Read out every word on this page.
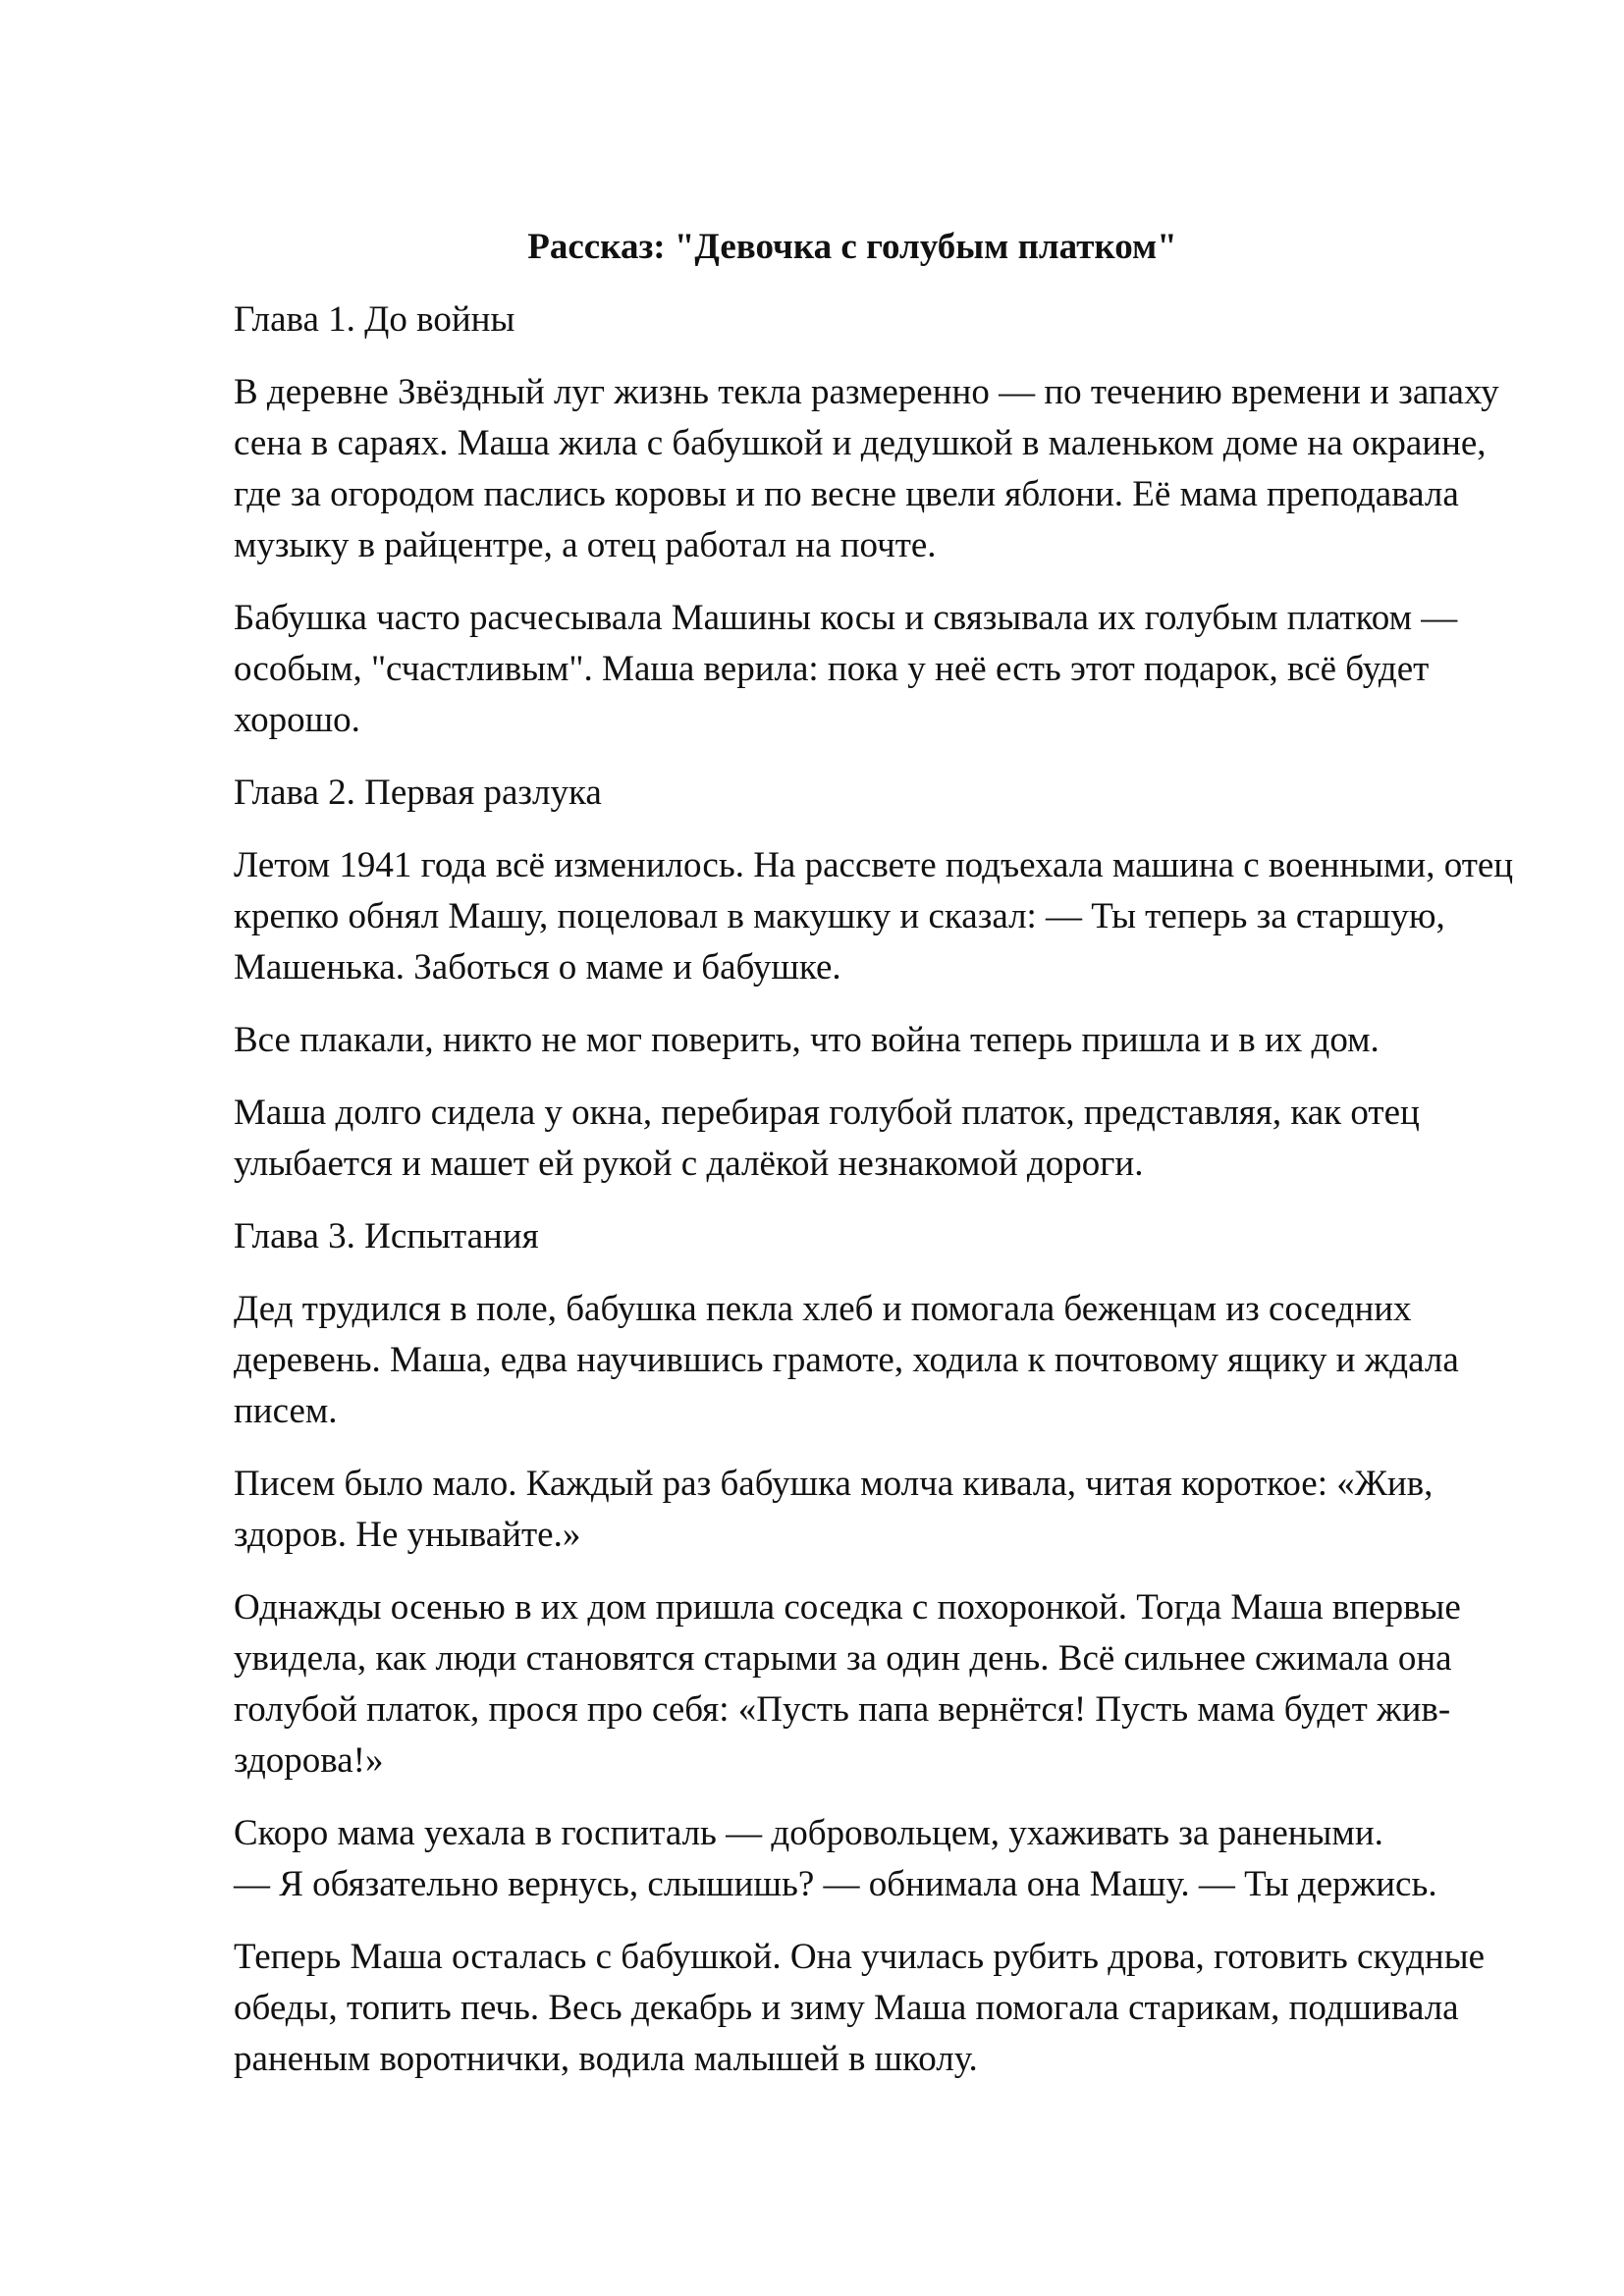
Рассказ: "Девочка с голубым платком"
Глава 1. До войны

В деревне Звёздный луг жизнь текла размеренно — по течению времени и запаху сена в сараях. Маша жила с бабушкой и дедушкой в маленьком доме на окраине, где за огородом паслись коровы и по весне цвели яблони. Её мама преподавала музыку в райцентре, а отец работал на почте.

Бабушка часто расчесывала Машины косы и связывала их голубым платком — особым, "счастливым". Маша верила: пока у неё есть этот подарок, всё будет хорошо.

Глава 2. Первая разлука

Летом 1941 года всё изменилось. На рассвете подъехала машина с военными, отец крепко обнял Машу, поцеловал в макушку и сказал: — Ты теперь за старшую, Машенька. Заботься о маме и бабушке.

Все плакали, никто не мог поверить, что война теперь пришла и в их дом.

Маша долго сидела у окна, перебирая голубой платок, представляя, как отец улыбается и машет ей рукой с далёкой незнакомой дороги.

Глава 3. Испытания

Дед трудился в поле, бабушка пекла хлеб и помогала беженцам из соседних деревень. Маша, едва научившись грамоте, ходила к почтовому ящику и ждала писем.

Писем было мало. Каждый раз бабушка молча кивала, читая короткое: «Жив, здоров. Не унывайте.»

Однажды осенью в их дом пришла соседка с похоронкой. Тогда Маша впервые увидела, как люди становятся старыми за один день. Всё сильнее сжимала она голубой платок, прося про себя: «Пусть папа вернётся! Пусть мама будет жив-здорова!»

Скоро мама уехала в госпиталь — добровольцем, ухаживать за ранеными.
— Я обязательно вернусь, слышишь? — обнимала она Машу. — Ты держись.

Теперь Маша осталась с бабушкой. Она училась рубить дрова, готовить скудные обеды, топить печь. Весь декабрь и зиму Маша помогала старикам, подшивала раненым воротнички, водила малышей в школу.
